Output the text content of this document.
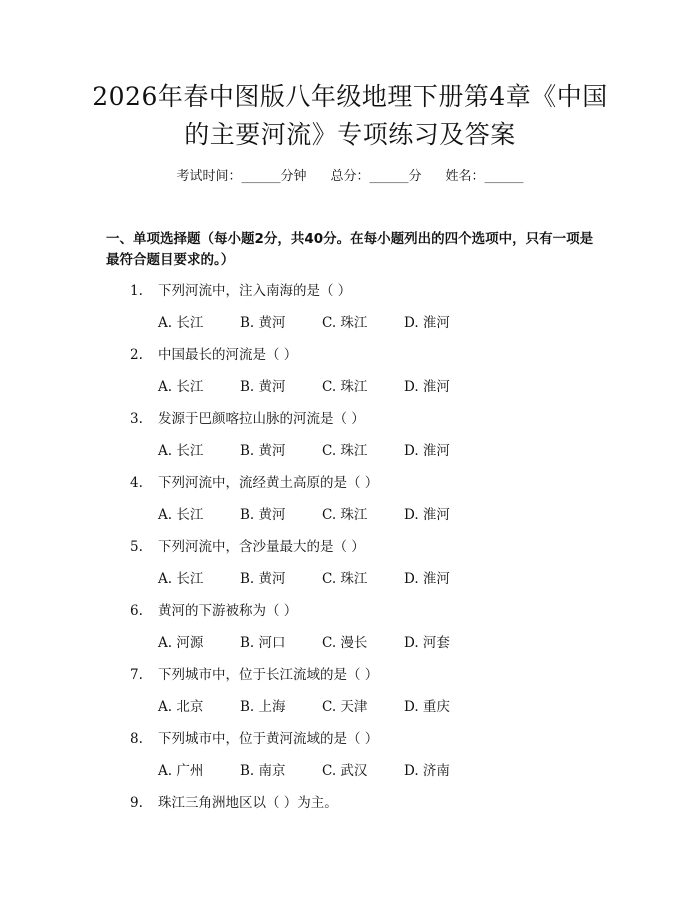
2026年春中图版八年级地理下册第4章《中国的主要河流》专项练习及答案
考试时间：______分钟 总分：______分 姓名：______
一、单项选择题（每小题2分，共40分。在每小题列出的四个选项中，只有一项是最符合题目要求的。）
1. 下列河流中，注入南海的是（ ）
A. 长江	B. 黄河	C. 珠江	D. 淮河
2. 中国最长的河流是（ ）
A. 长江	B. 黄河	C. 珠江	D. 淮河
3. 发源于巴颜喀拉山脉的河流是（ ）
A. 长江	B. 黄河	C. 珠江	D. 淮河
4. 下列河流中，流经黄土高原的是（ ）
A. 长江	B. 黄河	C. 珠江	D. 淮河
5. 下列河流中，含沙量最大的是（ ）
A. 长江	B. 黄河	C. 珠江	D. 淮河
6. 黄河的下游被称为（ ）
A. 河源	B. 河口	C. 漫长	D. 河套
7. 下列城市中，位于长江流域的是（ ）
A. 北京	B. 上海	C. 天津	D. 重庆
8. 下列城市中，位于黄河流域的是（ ）
A. 广州	B. 南京	C. 武汉	D. 济南
9. 珠江三角洲地区以（ ）为主。
